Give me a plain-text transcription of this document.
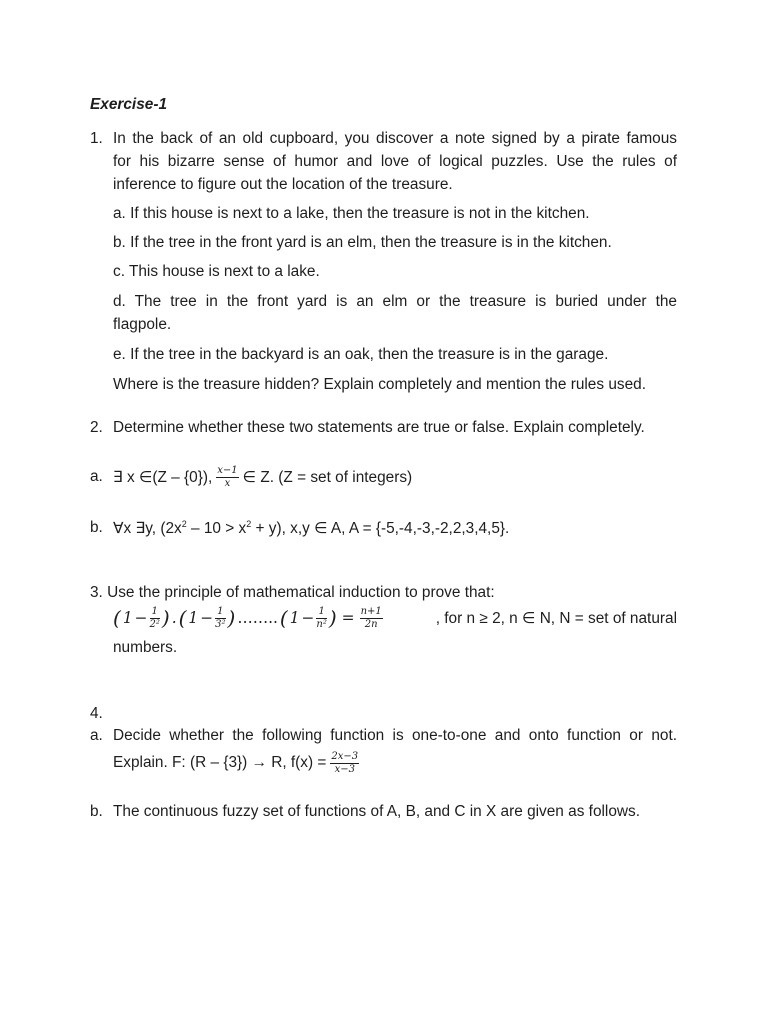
Exercise-1
1. In the back of an old cupboard, you discover a note signed by a pirate famous
for his bizarre sense of humor and love of logical puzzles. Use the rules of
inference to figure out the location of the treasure.
a. If this house is next to a lake, then the treasure is not in the kitchen.
b. If the tree in the front yard is an elm, then the treasure is in the kitchen.
c. This house is next to a lake.
d. The tree in the front yard is an elm or the treasure is buried under the
flagpole.
e. If the tree in the backyard is an oak, then the treasure is in the garage.
Where is the treasure hidden? Explain completely and mention the rules used.
2. Determine whether these two statements are true or false. Explain completely.
a. ∃ x ∈(Z – {0}), $\frac{x-1}{x}$ ∈ Z. (Z = set of integers)
b. ∀x ∃y, $(2x^2 - 10 > x^2 + y)$, x,y ∈ A, A = {-5,-4,-3,-2,2,3,4,5}.
3. Use the principle of mathematical induction to prove that:
( $1 - \frac{1}{\text{2²}}$ ) . ( $1 - \frac{1}{\text{3²}}$ ) …….. ( $1 - \frac{1}{\text{n²}}$ ) = $\frac{n+1}{2n}$	, for n ≥ 2, n ∈ N, N = set of natural
numbers.
4.
a. Decide whether the following function is one-to-one and onto function or not.
Explain. F: (R – {3}) → R, $f(x) = \frac{2x-3}{x-3}$
b. The continuous fuzzy set of functions of A, B, and C in X are given as follows.
